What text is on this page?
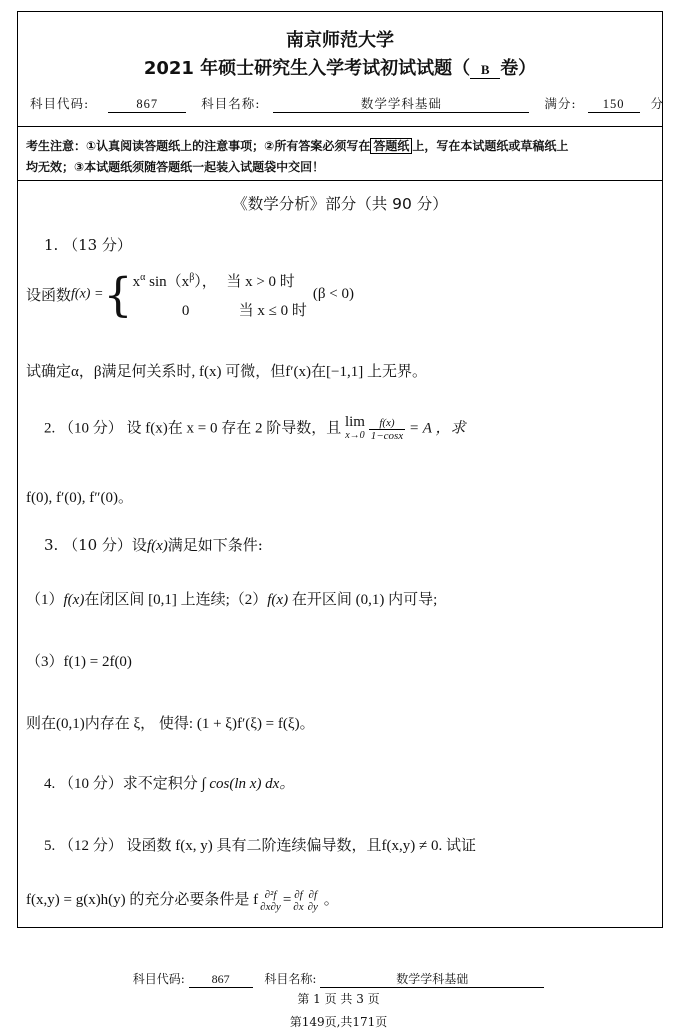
南京师范大学
2021 年硕士研究生入学考试初试试题（ B 卷）
科目代码:	867	科目名称:	数学学科基础	满分: 150 分
考生注意：①认真阅读答题纸上的注意事项；②所有答案必须写在 答题纸 上，写在本试题纸或草稿纸上
均无效；③本试题纸须随答题纸一起装入试题袋中交回！
《数学分析》部分（共 90 分）
1. （13 分）
设函数$f(x) =\{x^\alpha$ $\sin(x^\beta)$， 当 x > 0 时
0	当 x ≤ 0 时(β < 0)
试确定α，β满足何关系时, f(x) 可微，但f′(x)在[−1,1] 上无界。
2. （10 分） 设 f(x)在 x = 0 存在 2 阶导数，且 lim
x→0
$\frac{f(x)}{1-\cos x} = A$ ，求
f(0), f′(0), f″(0)。
3. （10 分）设f(x)满足如下条件:
（1）f(x)在闭区间 [0,1] 上连续;（2）f(x) 在开区间 (0,1) 内可导;
（3）f(1) = 2f(0)
则在(0,1)内存在 ξ， 使得: (1 + ξ)f′(ξ) = f(ξ)。
4. （10 分）求不定积分 ∫ cos(ln x) dx。
5. （12 分） 设函数 f(x, y) 具有二阶连续偏导数，且f(x,y) ≠ 0. 试证
f(x,y) = g(x)h(y) 的充分必要条件是 f ∂²f
∂x∂y = ∂f
∂x
∂f
∂y 。
科目代码: 867	科目名称:	数学学科基础
第 1 页 共 3 页
第149页,共171页
